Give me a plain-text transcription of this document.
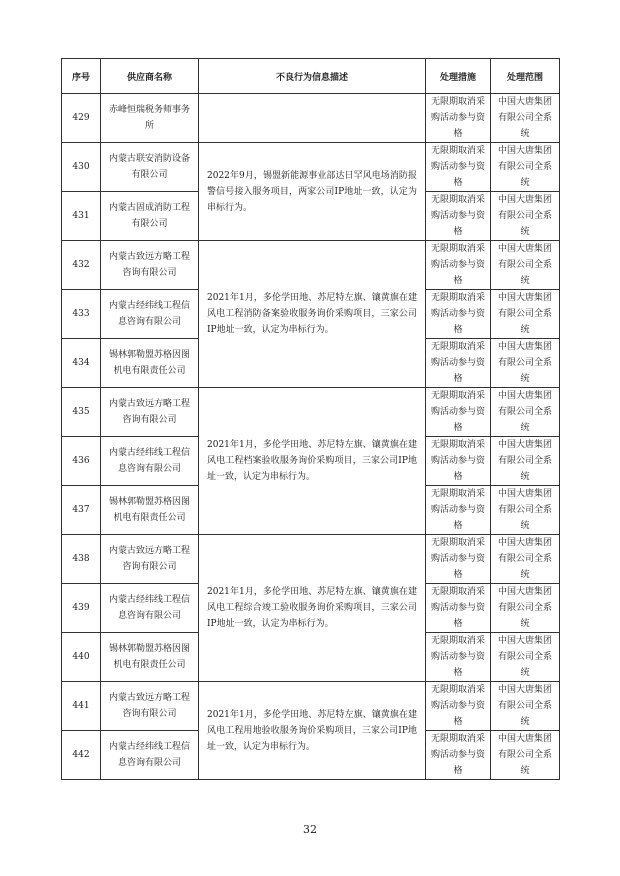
序号	供应商名称	不良行为信息描述	处理措施	处理范围
429	赤峰恒瑞税务师事务所		无限期取消采购活动参与资格	中国大唐集团有限公司全系统
430	内蒙古联安消防设备有限公司	2022年9月，锡盟新能源事业部达日罕风电场消防报警信号接入服务项目，两家公司IP地址一致，认定为串标行为。	无限期取消采购活动参与资格	中国大唐集团有限公司全系统
431	内蒙古固成消防工程有限公司		无限期取消采购活动参与资格	中国大唐集团有限公司全系统
432	内蒙古致远方略工程咨询有限公司	2021年1月，多伦学田地、苏尼特左旗、镶黄旗在建风电工程消防备案验收服务询价采购项目，三家公司IP地址一致，认定为串标行为。	无限期取消采购活动参与资格	中国大唐集团有限公司全系统
433	内蒙古经纬线工程信息咨询有限公司		无限期取消采购活动参与资格	中国大唐集团有限公司全系统
434	锡林郭勒盟苏格因图机电有限责任公司		无限期取消采购活动参与资格	中国大唐集团有限公司全系统
435	内蒙古致远方略工程咨询有限公司	2021年1月，多伦学田地、苏尼特左旗、镶黄旗在建风电工程档案验收服务询价采购项目，三家公司IP地址一致，认定为串标行为。	无限期取消采购活动参与资格	中国大唐集团有限公司全系统
436	内蒙古经纬线工程信息咨询有限公司		无限期取消采购活动参与资格	中国大唐集团有限公司全系统
437	锡林郭勒盟苏格因图机电有限责任公司		无限期取消采购活动参与资格	中国大唐集团有限公司全系统
438	内蒙古致远方略工程咨询有限公司	2021年1月，多伦学田地、苏尼特左旗、镶黄旗在建风电工程综合竣工验收服务询价采购项目，三家公司IP地址一致，认定为串标行为。	无限期取消采购活动参与资格	中国大唐集团有限公司全系统
439	内蒙古经纬线工程信息咨询有限公司		无限期取消采购活动参与资格	中国大唐集团有限公司全系统
440	锡林郭勒盟苏格因图机电有限责任公司		无限期取消采购活动参与资格	中国大唐集团有限公司全系统
441	内蒙古致远方略工程咨询有限公司	2021年1月，多伦学田地、苏尼特左旗、镶黄旗在建风电工程用地验收服务询价采购项目，三家公司IP地址一致，认定为串标行为。	无限期取消采购活动参与资格	中国大唐集团有限公司全系统
442	内蒙古经纬线工程信息咨询有限公司		无限期取消采购活动参与资格	中国大唐集团有限公司全系统
32
